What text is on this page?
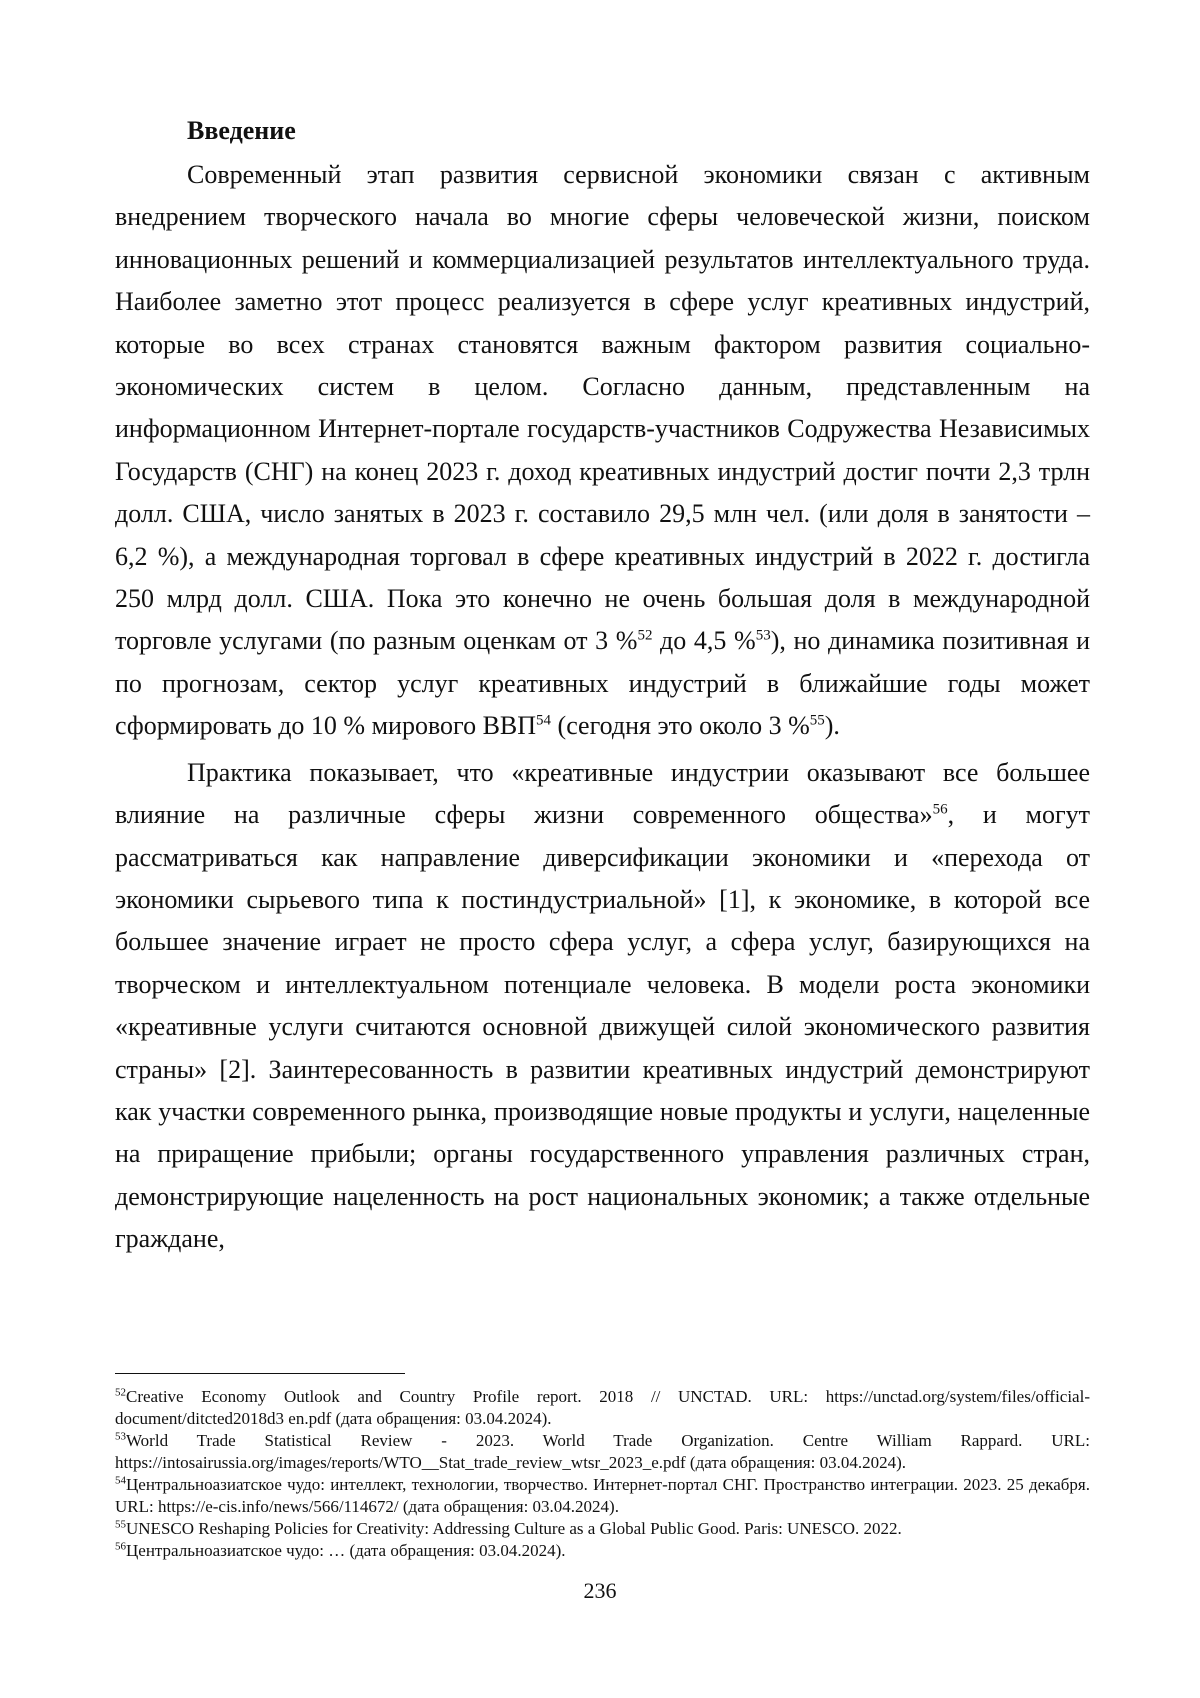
Введение

Современный этап развития сервисной экономики связан с активным внедрением творческого начала во многие сферы человеческой жизни, поиском инновационных решений и коммерциализацией результатов интеллектуального труда. Наиболее заметно этот процесс реализуется в сфере услуг креативных индустрий, которые во всех странах становятся важным фактором развития социально-экономических систем в целом. Согласно данным, представленным на информационном Интернет-портале государств-участников Содружества Независимых Государств (СНГ) на конец 2023 г. доход креативных индустрий достиг почти 2,3 трлн долл. США, число занятых в 2023 г. составило 29,5 млн чел. (или доля в занятости – 6,2 %), а международная торговал в сфере креативных индустрий в 2022 г. достигла 250 млрд долл. США. Пока это конечно не очень большая доля в международной торговле услугами (по разным оценкам от 3 %$^{52}$ до 4,5 %$^{53}$), но динамика позитивная и по прогнозам, сектор услуг креативных индустрий в ближайшие годы может сформировать до 10 % мирового ВВП$^{54}$ (сегодня это около 3 %$^{55}$).

Практика показывает, что «креативные индустрии оказывают все большее влияние на различные сферы жизни современного общества»$^{56}$, и могут рассматриваться как направление диверсификации экономики и «перехода от экономики сырьевого типа к постиндустриальной» [1], к экономике, в которой все большее значение играет не просто сфера услуг, а сфера услуг, базирующихся на творческом и интеллектуальном потенциале человека. В модели роста экономики «креативные услуги считаются основной движущей силой экономического развития страны» [2]. Заинтересованность в развитии креативных индустрий демонстрируют как участки современного рынка, производящие новые продукты и услуги, нацеленные на приращение прибыли; органы государственного управления различных стран, демонстрирующие нацеленность на рост национальных экономик; а также отдельные граждане,

$^{52}$Creative Economy Outlook and Country Profile report. 2018 // UNCTAD. URL: https://unctad.org/system/files/official-document/ditcted2018d3 en.pdf (дата обращения: 03.04.2024).

$^{53}$World Trade Statistical Review - 2023. World Trade Organization. Centre William Rappard. URL: https://intosairussia.org/images/reports/WTO__Stat_trade_review_wtsr_2023_e.pdf (дата обращения: 03.04.2024).

$^{54}$Центральноазиатское чудо: интеллект, технологии, творчество. Интернет-портал СНГ. Пространство интеграции. 2023. 25 декабря. URL: https://e-cis.info/news/566/114672/ (дата обращения: 03.04.2024).

$^{55}$UNESCO Reshaping Policies for Creativity: Addressing Culture as a Global Public Good. Paris: UNESCO. 2022.

$^{56}$Центральноазиатское чудо: … (дата обращения: 03.04.2024).

236
